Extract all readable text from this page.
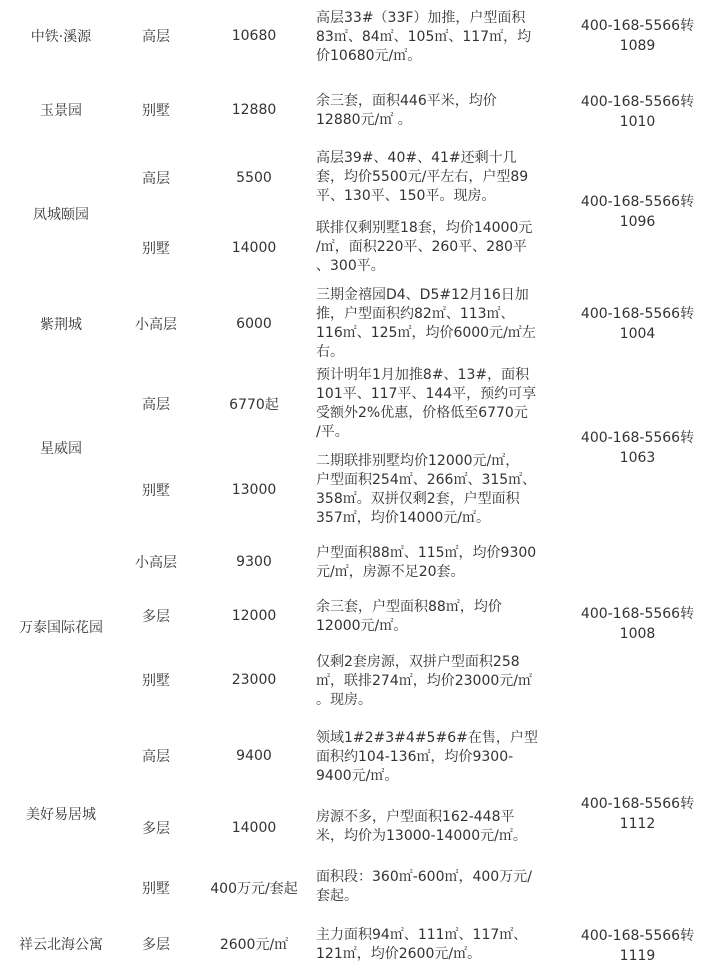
中铁·溪源
玉景园
凤城颐园
紫荆城
星威园
万泰国际花园
美好易居城
祥云北海公寓
高层
别墅
高层
别墅
小高层
高层
别墅
小高层
多层
别墅
高层
多层
别墅
多层
10680
12880
5500
14000
6000
6770起
13000
9300
12000
23000
9400
14000
400万元/套起
2600元/㎡
高层33#（33F）加推，户型面积
83㎡、84㎡、105㎡、117㎡，均
价10680元/㎡。
余三套，面积446平米，均价
12880元/㎡ 。
高层39#、40#、41#还剩十几
套，均价5500元/平左右，户型89
平、130平、150平。现房。
联排仅剩别墅18套，均价14000元
/㎡，面积220平、260平、280平
、300平。
三期金禧园D4、D5#12月16日加
推，户型面积约82㎡、113㎡、
116㎡、125㎡，均价6000元/㎡左
右。
预计明年1月加推8#、13#，面积
101平、117平、144平，预约可享
受额外2%优惠，价格低至6770元
/平。
二期联排别墅均价12000元/㎡，
户型面积254㎡、266㎡、315㎡、
358㎡。双拼仅剩2套，户型面积
357㎡，均价14000元/㎡。
户型面积88㎡、115㎡，均价9300
元/㎡，房源不足20套。
余三套，户型面积88㎡，均价
12000元/㎡。
仅剩2套房源，双拼户型面积258
㎡，联排274㎡，均价23000元/㎡
。现房。
领域1#2#3#4#5#6#在售，户型
面积约104-136㎡，均价9300-
9400元/㎡。
房源不多，户型面积162-448平
米，均价为13000-14000元/㎡。
面积段：360㎡-600㎡，400万元/
套起。
主力面积94㎡、111㎡、117㎡、
121㎡，均价2600元/㎡。
400-168-5566转
1089
400-168-5566转
1010
400-168-5566转
1096
400-168-5566转
1004
400-168-5566转
1063
400-168-5566转
1008
400-168-5566转
1112
400-168-5566转
1119
